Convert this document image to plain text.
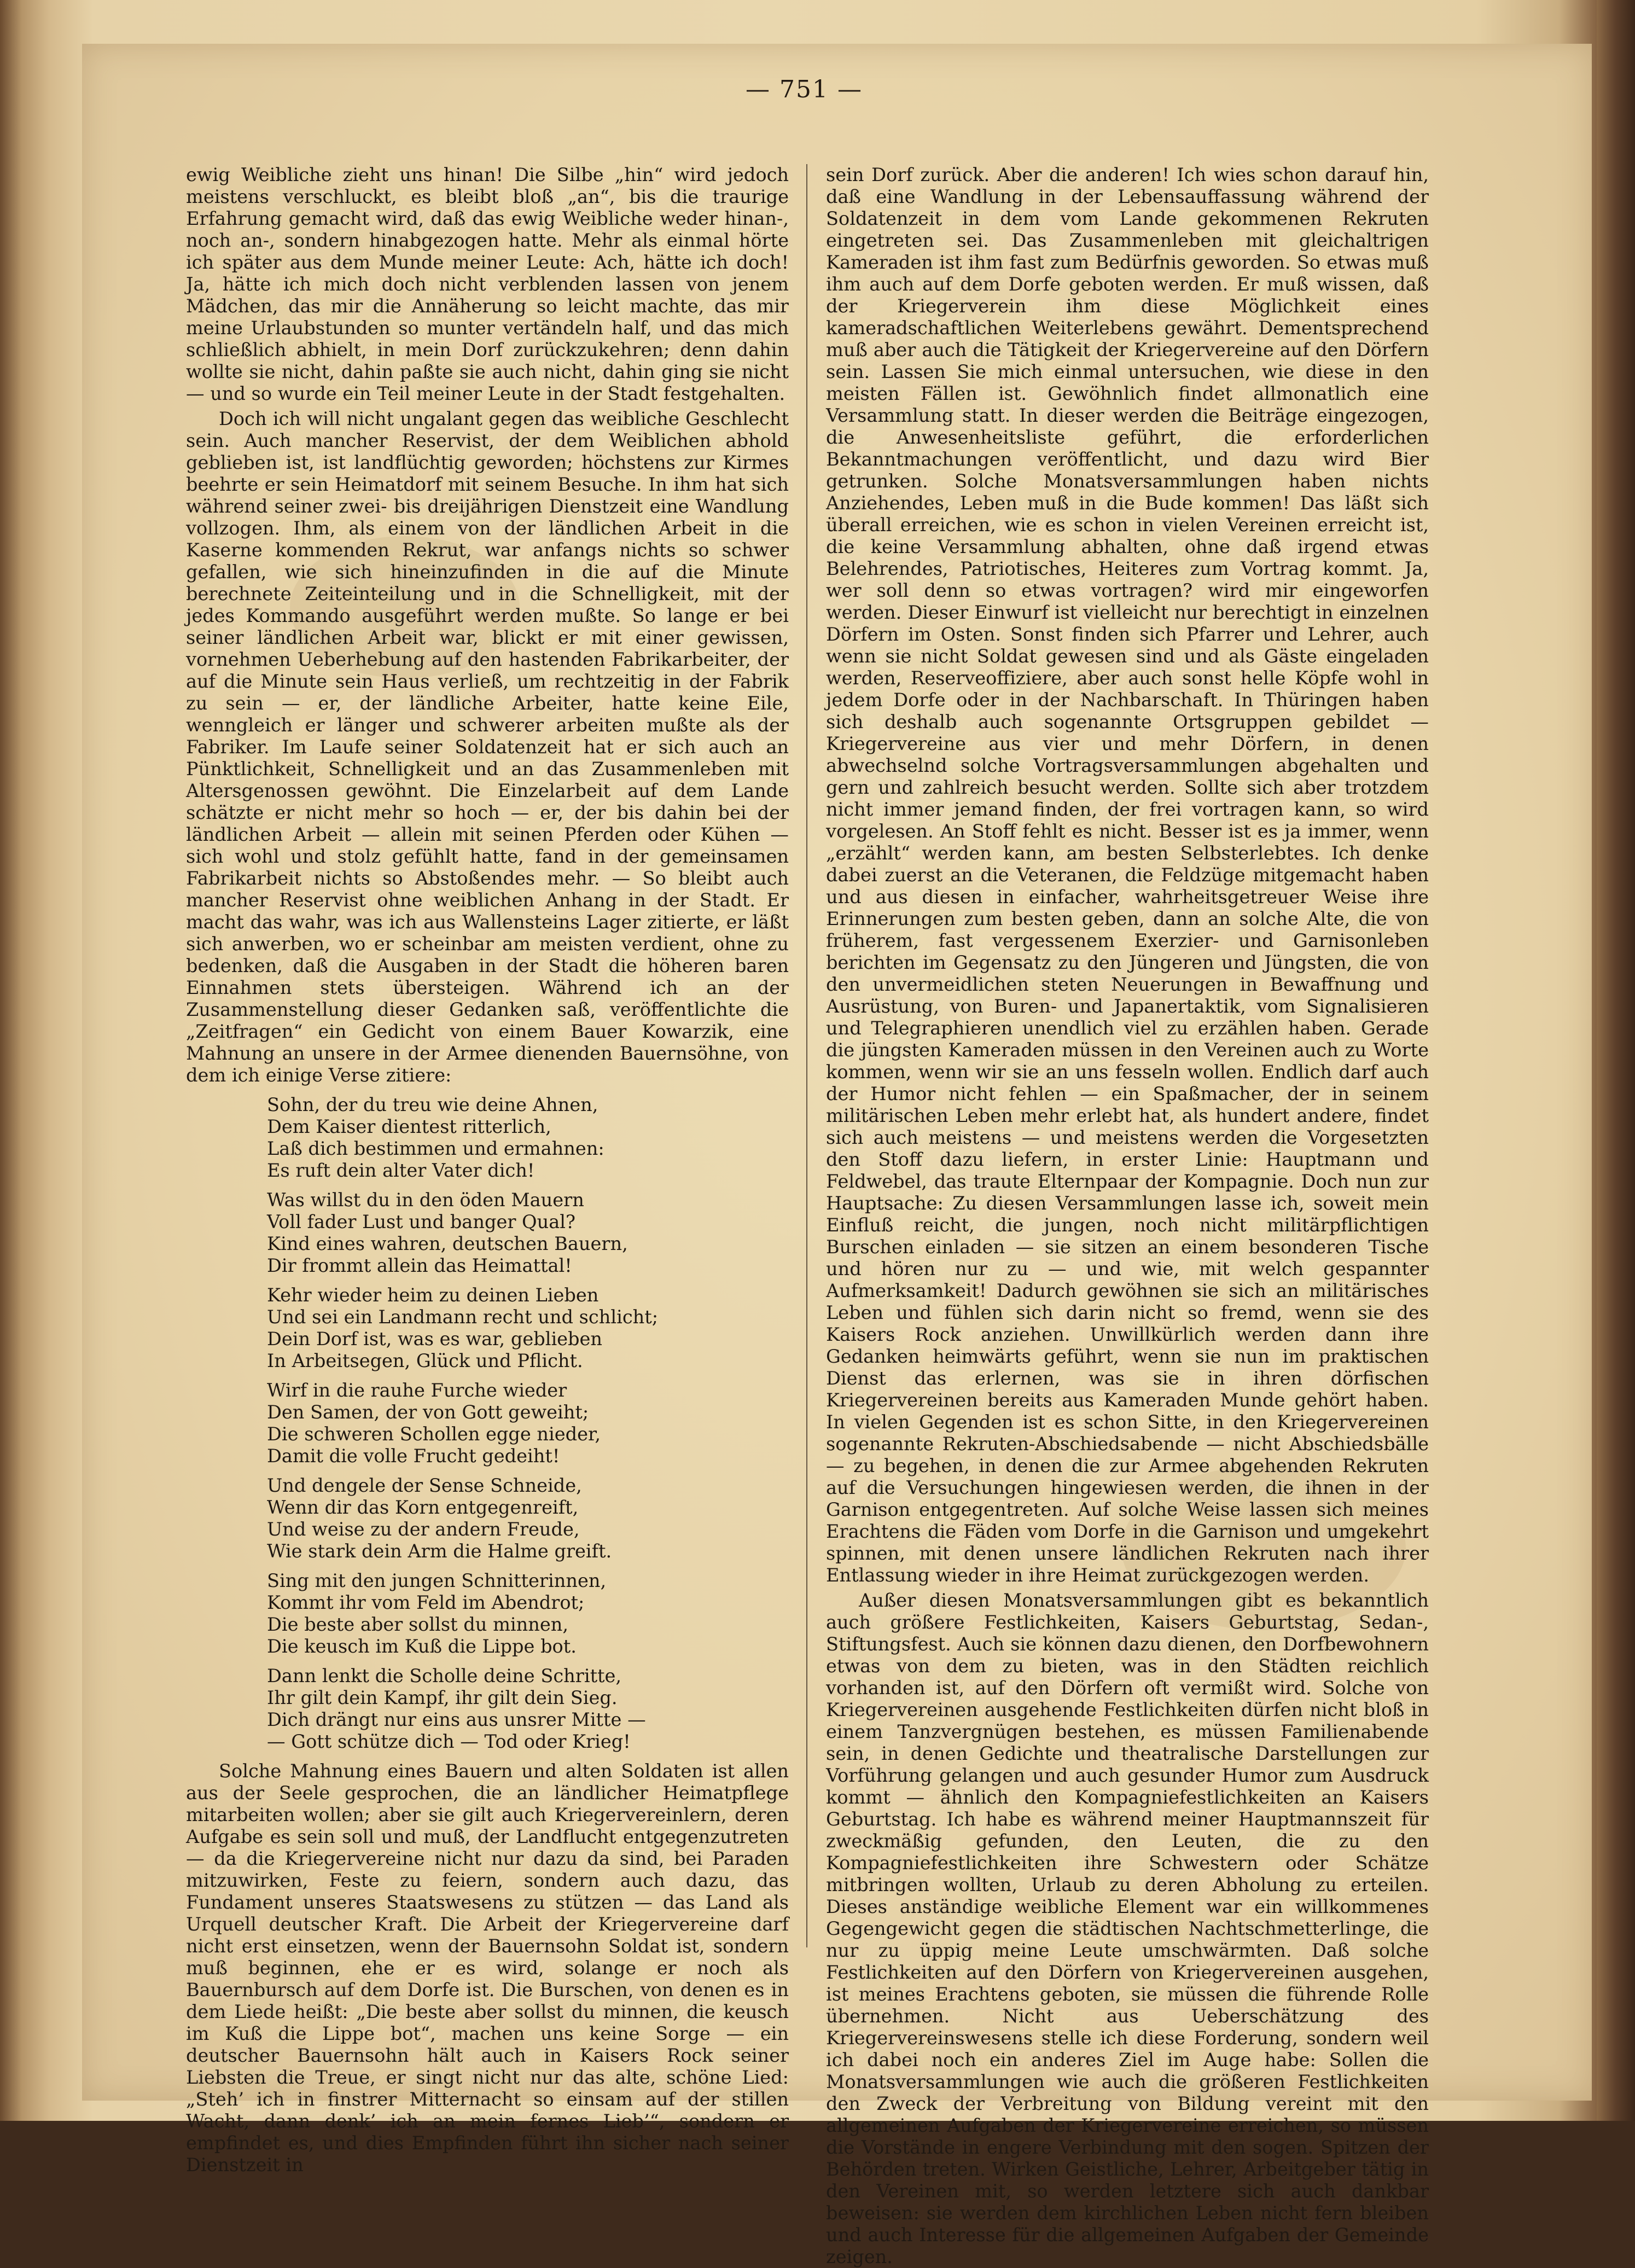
— 751 —

ewig Weibliche zieht uns hinan! Die Silbe „hin“ wird jedoch meistens verschluckt, es bleibt bloß „an“, bis die traurige Erfahrung gemacht wird, daß das ewig Weibliche weder hinan-, noch an-, sondern hinabgezogen hatte. Mehr als einmal hörte ich später aus dem Munde meiner Leute: Ach, hätte ich doch! Ja, hätte ich mich doch nicht verblenden lassen von jenem Mädchen, das mir die Annäherung so leicht machte, das mir meine Urlaubstunden so munter vertändeln half, und das mich schließlich abhielt, in mein Dorf zurückzukehren; denn dahin wollte sie nicht, dahin paßte sie auch nicht, dahin ging sie nicht — und so wurde ein Teil meiner Leute in der Stadt festgehalten.

Doch ich will nicht ungalant gegen das weibliche Geschlecht sein. Auch mancher Reservist, der dem Weiblichen abhold geblieben ist, ist landflüchtig geworden; höchstens zur Kirmes beehrte er sein Heimatdorf mit seinem Besuche. In ihm hat sich während seiner zwei- bis dreijährigen Dienstzeit eine Wandlung vollzogen. Ihm, als einem von der ländlichen Arbeit in die Kaserne kommenden Rekrut, war anfangs nichts so schwer gefallen, wie sich hineinzufinden in die auf die Minute berechnete Zeiteinteilung und in die Schnelligkeit, mit der jedes Kommando ausgeführt werden mußte. So lange er bei seiner ländlichen Arbeit war, blickt er mit einer gewissen, vornehmen Ueberhebung auf den hastenden Fabrikarbeiter, der auf die Minute sein Haus verließ, um rechtzeitig in der Fabrik zu sein — er, der ländliche Arbeiter, hatte keine Eile, wenngleich er länger und schwerer arbeiten mußte als der Fabriker. Im Laufe seiner Soldatenzeit hat er sich auch an Pünktlichkeit, Schnelligkeit und an das Zusammenleben mit Altersgenossen gewöhnt. Die Einzelarbeit auf dem Lande schätzte er nicht mehr so hoch — er, der bis dahin bei der ländlichen Arbeit — allein mit seinen Pferden oder Kühen — sich wohl und stolz gefühlt hatte, fand in der gemeinsamen Fabrikarbeit nichts so Abstoßendes mehr. — So bleibt auch mancher Reservist ohne weiblichen Anhang in der Stadt. Er macht das wahr, was ich aus Wallensteins Lager zitierte, er läßt sich anwerben, wo er scheinbar am meisten verdient, ohne zu bedenken, daß die Ausgaben in der Stadt die höheren baren Einnahmen stets übersteigen. Während ich an der Zusammenstellung dieser Gedanken saß, veröffentlichte die „Zeitfragen“ ein Gedicht von einem Bauer Kowarzik, eine Mahnung an unsere in der Armee dienenden Bauernsöhne, von dem ich einige Verse zitiere:

Sohn, der du treu wie deine Ahnen,
Dem Kaiser dientest ritterlich,
Laß dich bestimmen und ermahnen:
Es ruft dein alter Vater dich!
Was willst du in den öden Mauern
Voll fader Lust und banger Qual?
Kind eines wahren, deutschen Bauern,
Dir frommt allein das Heimattal!
Kehr wieder heim zu deinen Lieben
Und sei ein Landmann recht und schlicht;
Dein Dorf ist, was es war, geblieben
In Arbeitsegen, Glück und Pflicht.
Wirf in die rauhe Furche wieder
Den Samen, der von Gott geweiht;
Die schweren Schollen egge nieder,
Damit die volle Frucht gedeiht!
Und dengele der Sense Schneide,
Wenn dir das Korn entgegenreift,
Und weise zu der andern Freude,
Wie stark dein Arm die Halme greift.
Sing mit den jungen Schnitterinnen,
Kommt ihr vom Feld im Abendrot;
Die beste aber sollst du minnen,
Die keusch im Kuß die Lippe bot.
Dann lenkt die Scholle deine Schritte,
Ihr gilt dein Kampf, ihr gilt dein Sieg.
Dich drängt nur eins aus unsrer Mitte —
— Gott schütze dich — Tod oder Krieg!

Solche Mahnung eines Bauern und alten Soldaten ist allen aus der Seele gesprochen, die an ländlicher Heimatpflege mitarbeiten wollen; aber sie gilt auch Kriegervereinlern, deren Aufgabe es sein soll und muß, der Landflucht entgegenzutreten — da die Kriegervereine nicht nur dazu da sind, bei Paraden mitzuwirken, Feste zu feiern, sondern auch dazu, das Fundament unseres Staatswesens zu stützen — das Land als Urquell deutscher Kraft. Die Arbeit der Kriegervereine darf nicht erst einsetzen, wenn der Bauernsohn Soldat ist, sondern muß beginnen, ehe er es wird, solange er noch als Bauernbursch auf dem Dorfe ist. Die Burschen, von denen es in dem Liede heißt: „Die beste aber sollst du minnen, die keusch im Kuß die Lippe bot“, machen uns keine Sorge — ein deutscher Bauernsohn hält auch in Kaisers Rock seiner Liebsten die Treue, er singt nicht nur das alte, schöne Lied: „Steh’ ich in finstrer Mitternacht so einsam auf der stillen Wacht, dann denk’ ich an mein fernes Lieb’“, sondern er empfindet es, und dies Empfinden führt ihn sicher nach seiner Dienstzeit in

sein Dorf zurück. Aber die anderen! Ich wies schon darauf hin, daß eine Wandlung in der Lebensauffassung während der Soldatenzeit in dem vom Lande gekommenen Rekruten eingetreten sei. Das Zusammenleben mit gleichaltrigen Kameraden ist ihm fast zum Bedürfnis geworden. So etwas muß ihm auch auf dem Dorfe geboten werden. Er muß wissen, daß der Kriegerverein ihm diese Möglichkeit eines kameradschaftlichen Weiterlebens gewährt. Dementsprechend muß aber auch die Tätigkeit der Kriegervereine auf den Dörfern sein. Lassen Sie mich einmal untersuchen, wie diese in den meisten Fällen ist. Gewöhnlich findet allmonatlich eine Versammlung statt. In dieser werden die Beiträge eingezogen, die Anwesenheitsliste geführt, die erforderlichen Bekanntmachungen veröffentlicht, und dazu wird Bier getrunken. Solche Monatsversammlungen haben nichts Anziehendes, Leben muß in die Bude kommen! Das läßt sich überall erreichen, wie es schon in vielen Vereinen erreicht ist, die keine Versammlung abhalten, ohne daß irgend etwas Belehrendes, Patriotisches, Heiteres zum Vortrag kommt. Ja, wer soll denn so etwas vortragen? wird mir eingeworfen werden. Dieser Einwurf ist vielleicht nur berechtigt in einzelnen Dörfern im Osten. Sonst finden sich Pfarrer und Lehrer, auch wenn sie nicht Soldat gewesen sind und als Gäste eingeladen werden, Reserveoffiziere, aber auch sonst helle Köpfe wohl in jedem Dorfe oder in der Nachbarschaft. In Thüringen haben sich deshalb auch sogenannte Ortsgruppen gebildet — Kriegervereine aus vier und mehr Dörfern, in denen abwechselnd solche Vortragsversammlungen abgehalten und gern und zahlreich besucht werden. Sollte sich aber trotzdem nicht immer jemand finden, der frei vortragen kann, so wird vorgelesen. An Stoff fehlt es nicht. Besser ist es ja immer, wenn „erzählt“ werden kann, am besten Selbsterlebtes. Ich denke dabei zuerst an die Veteranen, die Feldzüge mitgemacht haben und aus diesen in einfacher, wahrheitsgetreuer Weise ihre Erinnerungen zum besten geben, dann an solche Alte, die von früherem, fast vergessenem Exerzier- und Garnisonleben berichten im Gegensatz zu den Jüngeren und Jüngsten, die von den unvermeidlichen steten Neuerungen in Bewaffnung und Ausrüstung, von Buren- und Japanertaktik, vom Signalisieren und Telegraphieren unendlich viel zu erzählen haben. Gerade die jüngsten Kameraden müssen in den Vereinen auch zu Worte kommen, wenn wir sie an uns fesseln wollen. Endlich darf auch der Humor nicht fehlen — ein Spaßmacher, der in seinem militärischen Leben mehr erlebt hat, als hundert andere, findet sich auch meistens — und meistens werden die Vorgesetzten den Stoff dazu liefern, in erster Linie: Hauptmann und Feldwebel, das traute Elternpaar der Kompagnie. Doch nun zur Hauptsache: Zu diesen Versammlungen lasse ich, soweit mein Einfluß reicht, die jungen, noch nicht militärpflichtigen Burschen einladen — sie sitzen an einem besonderen Tische und hören nur zu — und wie, mit welch gespannter Aufmerksamkeit! Dadurch gewöhnen sie sich an militärisches Leben und fühlen sich darin nicht so fremd, wenn sie des Kaisers Rock anziehen. Unwillkürlich werden dann ihre Gedanken heimwärts geführt, wenn sie nun im praktischen Dienst das erlernen, was sie in ihren dörfischen Kriegervereinen bereits aus Kameraden Munde gehört haben. In vielen Gegenden ist es schon Sitte, in den Kriegervereinen sogenannte Rekruten-Abschiedsabende — nicht Abschiedsbälle — zu begehen, in denen die zur Armee abgehenden Rekruten auf die Versuchungen hingewiesen werden, die ihnen in der Garnison entgegentreten. Auf solche Weise lassen sich meines Erachtens die Fäden vom Dorfe in die Garnison und umgekehrt spinnen, mit denen unsere ländlichen Rekruten nach ihrer Entlassung wieder in ihre Heimat zurückgezogen werden.

Außer diesen Monatsversammlungen gibt es bekanntlich auch größere Festlichkeiten, Kaisers Geburtstag, Sedan-, Stiftungsfest. Auch sie können dazu dienen, den Dorfbewohnern etwas von dem zu bieten, was in den Städten reichlich vorhanden ist, auf den Dörfern oft vermißt wird. Solche von Kriegervereinen ausgehende Festlichkeiten dürfen nicht bloß in einem Tanzvergnügen bestehen, es müssen Familienabende sein, in denen Gedichte und theatralische Darstellungen zur Vorführung gelangen und auch gesunder Humor zum Ausdruck kommt — ähnlich den Kompagniefestlichkeiten an Kaisers Geburtstag. Ich habe es während meiner Hauptmannszeit für zweckmäßig gefunden, den Leuten, die zu den Kompagniefestlichkeiten ihre Schwestern oder Schätze mitbringen wollten, Urlaub zu deren Abholung zu erteilen. Dieses anständige weibliche Element war ein willkommenes Gegengewicht gegen die städtischen Nachtschmetterlinge, die nur zu üppig meine Leute umschwärmten. Daß solche Festlichkeiten auf den Dörfern von Kriegervereinen ausgehen, ist meines Erachtens geboten, sie müssen die führende Rolle übernehmen. Nicht aus Ueberschätzung des Kriegervereinswesens stelle ich diese Forderung, sondern weil ich dabei noch ein anderes Ziel im Auge habe: Sollen die Monatsversammlungen wie auch die größeren Festlichkeiten den Zweck der Verbreitung von Bildung vereint mit den allgemeinen Aufgaben der Kriegervereine erreichen, so müssen die Vorstände in engere Verbindung mit den sogen. Spitzen der Behörden treten. Wirken Geistliche, Lehrer, Arbeitgeber tätig in den Vereinen mit, so werden letztere sich auch dankbar beweisen: sie werden dem kirchlichen Leben nicht fern bleiben und auch Interesse für die allgemeinen Aufgaben der Gemeinde zeigen.
